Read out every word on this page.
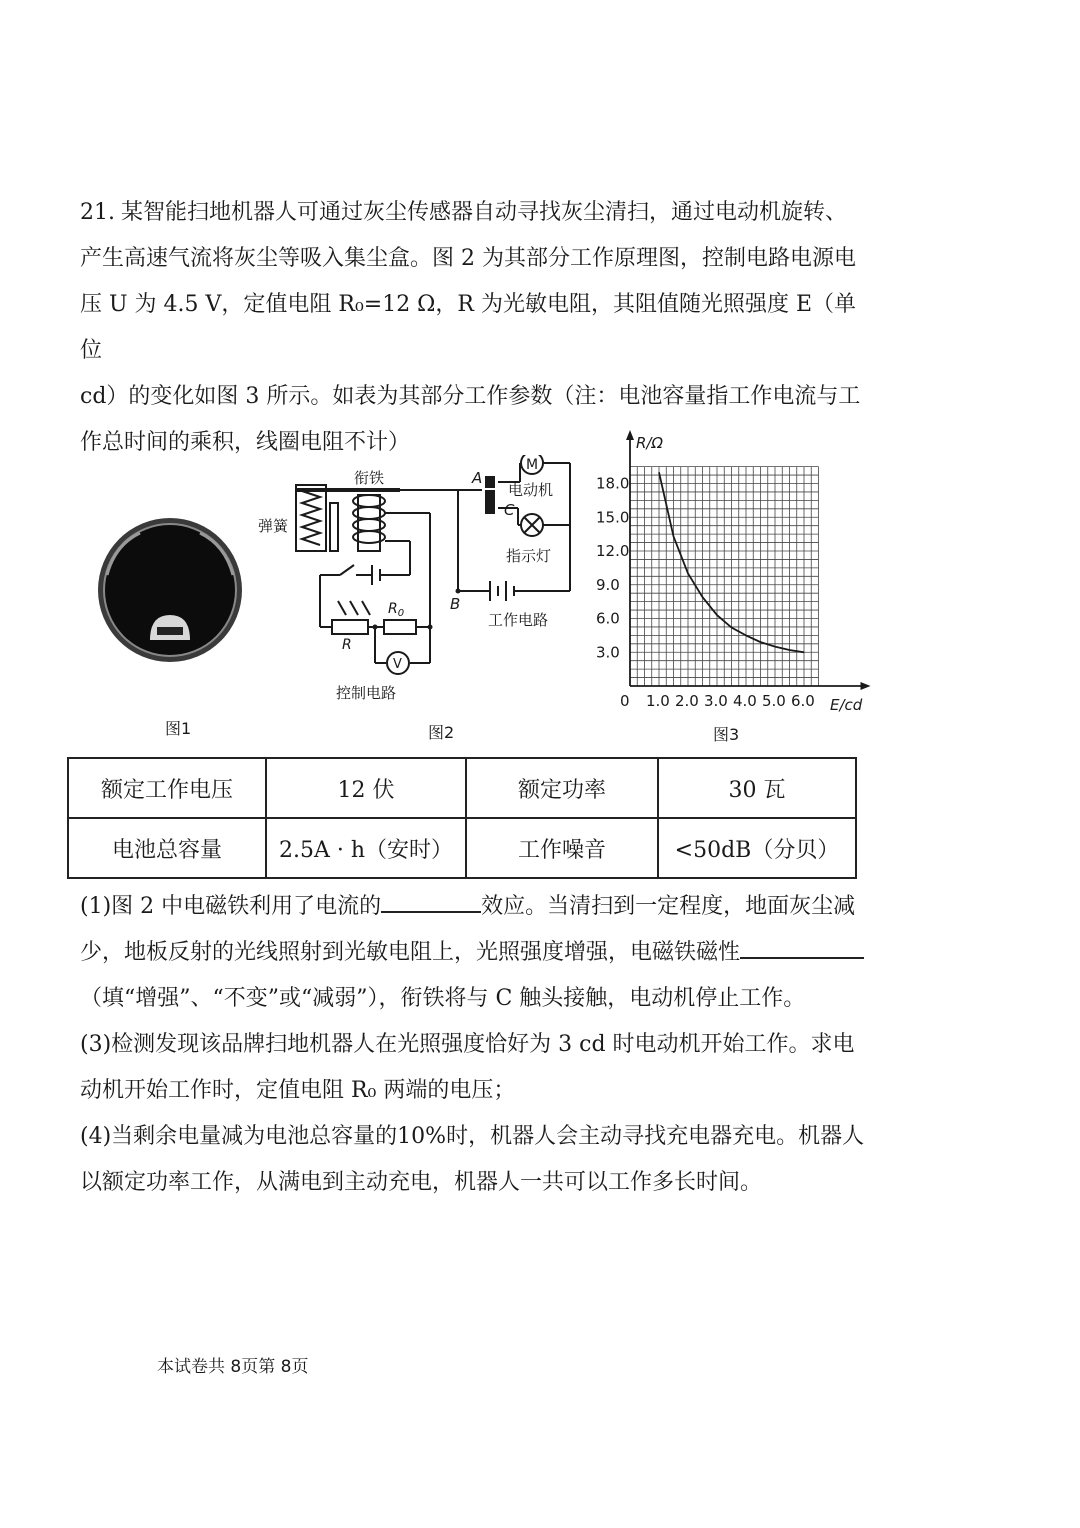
21. 某智能扫地机器人可通过灰尘传感器自动寻找灰尘清扫，通过电动机旋转、

产生高速气流将灰尘等吸入集尘盒。图 2 为其部分工作原理图，控制电路电源电

压 U 为 4.5 V，定值电阻 R₀=12 Ω，R 为光敏电阻，其阻值随光照强度 E（单位

cd）的变化如图 3 所示。如表为其部分工作参数（注：电池容量指工作电流与工

作总时间的乘积，线圈电阻不计）

图1
衔铁
弹簧
A
C
B
M
电动机
指示灯
工作电路
R
$R_0$
V
控制电路
图2
0 1.0 2.0 3.0 4.0 5.0 6.0
3.0
6.0
9.0
12.0
15.0
18.0
R/Ω
E/cd
图3
额定工作电压	12 伏	额定功率	30 瓦
电池总容量	2.5A · h（安时）	工作噪音	<50dB（分贝）

(1)图 2 中电磁铁利用了电流的	效应。当清扫到一定程度，地面灰尘减

少，地板反射的光线照射到光敏电阻上，光照强度增强，电磁铁磁性

（填“增强”、“不变”或“减弱”），衔铁将与 C 触头接触，电动机停止工作。

(3)检测发现该品牌扫地机器人在光照强度恰好为 3 cd 时电动机开始工作。求电

动机开始工作时，定值电阻 R₀ 两端的电压；

(4)当剩余电量减为电池总容量的10%时，机器人会主动寻找充电器充电。机器人

以额定功率工作，从满电到主动充电，机器人一共可以工作多长时间。

本试卷共 8页第 8页
